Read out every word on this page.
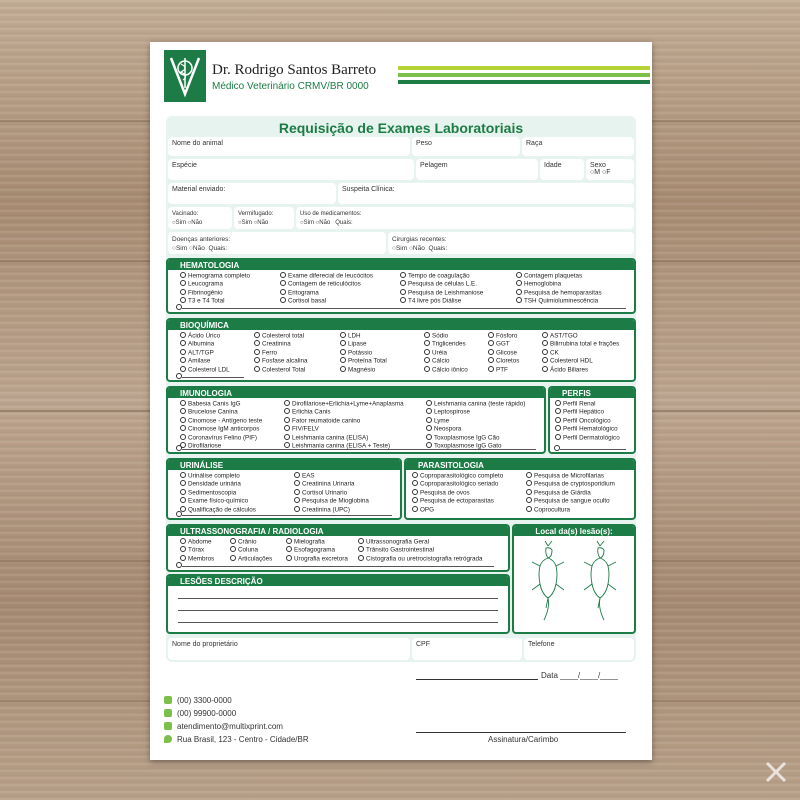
Dr. Rodrigo Santos Barreto
Médico Veterinário CRMV/BR 0000
Requisição de Exames Laboratoriais
Nome do animal	Peso	Raça
Espécie	Pelagem	Idade	Sexo
○M ○F
Material enviado:	Suspeita Clínica:
Vacinado:
○Sim ○Não
Vermifugado:
○Sim ○Não
Uso de medicamentos:
○Sim ○Não Quais:
Doenças anteriores:
○Sim ○Não Quais:
Cirurgias recentes:
○Sim ○Não Quais:
HEMATOLOGIA
Hemograma completo
Leucograma
Fibrinogênio
T3 e T4 Total
Exame diferecial de leucócitos
Contagem de reticulócitos
Eritograma
Cortisol basal
Tempo de coagulação
Pesquisa de células L.E.
Pesquisa de Leishmaniose
T4 livre pós Diálise
Contagem plaquetas
Hemoglobina
Pesquisa de hemoparasitas
TSH Quimioluminescência
BIOQUÍMICA
Ácido Úrico
Albumina
ALT/TGP
Amilase
Colesterol LDL
Colesterol total
Creatinina
Ferro
Fosfase alcalina
Colesterol Total
LDH
Lipase
Potássio
Proteína Total
Magnésio
Sódio
Triglicerides
Uréia
Cálcio
Cálcio iônico
Fósforo
GGT
Glicose
Cloretos
PTF
AST/TGO
Bilirrubina total e frações
CK
Colesterol HDL
Ácido Biliares
IMUNOLOGIA
Babesia Canis IgG
Brucelose Canina
Cinomose - Antígeno teste
Cinomose IgM anticorpos
Coronavírus Felino (PIF)
Dirofilariose
Dirofilariose+Erlichia+Lyme+Anaplasma
Erlichia Canis
Fator reumatoide canino
FIV/FELV
Leishmania canina (ELISA)
Leishmania canina (ELISA + Teste)
Leishmania canina (teste rápido)
Leptospirose
Lyme
Neospora
Toxoplasmose IgG Cão
Toxoplasmose IgG Gato
PERFIS
Perfil Renal
Perfil Hepático
Perfil Oncológico
Perfil Hematológico
Perfil Dermatológico
URINÁLISE
Urinálise completo
Densidade urinária
Sedimentoscopia
Exame físico-químico
Qualificação de cálculos
EAS
Creatinina Urinaria
Cortisol Urinario
Pesquisa de Mioglobina
Creatinina (UPC)
PARASITOLOGIA
Coproparasitológico completo
Coproparasitológico seriado
Pesquisa de ovos
Pesquisa de ectoparasitas
OPG
Pesquisa de Microfilarias
Pesquisa de cryptosporidium
Pesquisa de Giárdia
Pesquisa de sangue oculto
Coprocultura
ULTRASSONOGRAFIA / RADIOLOGIA
Abdome
Tórax
Membros
Crânio
Coluna
Articulações
Mielografia
Esofagograma
Urografia excretora
Ultrassonografia Geral
Trânsito Gastrointestinal
Cistografia ou uretrocistografia retrógrada
LESÕES DESCRIÇÃO
Local da(s) lesão(s):
Nome do proprietário	CPF	Telefone
Data ____/____/____
Assinatura/Carimbo
(00) 3300-0000
(00) 99900-0000
atendimento@multixprint.com
Rua Brasil, 123 - Centro - Cidade/BR
